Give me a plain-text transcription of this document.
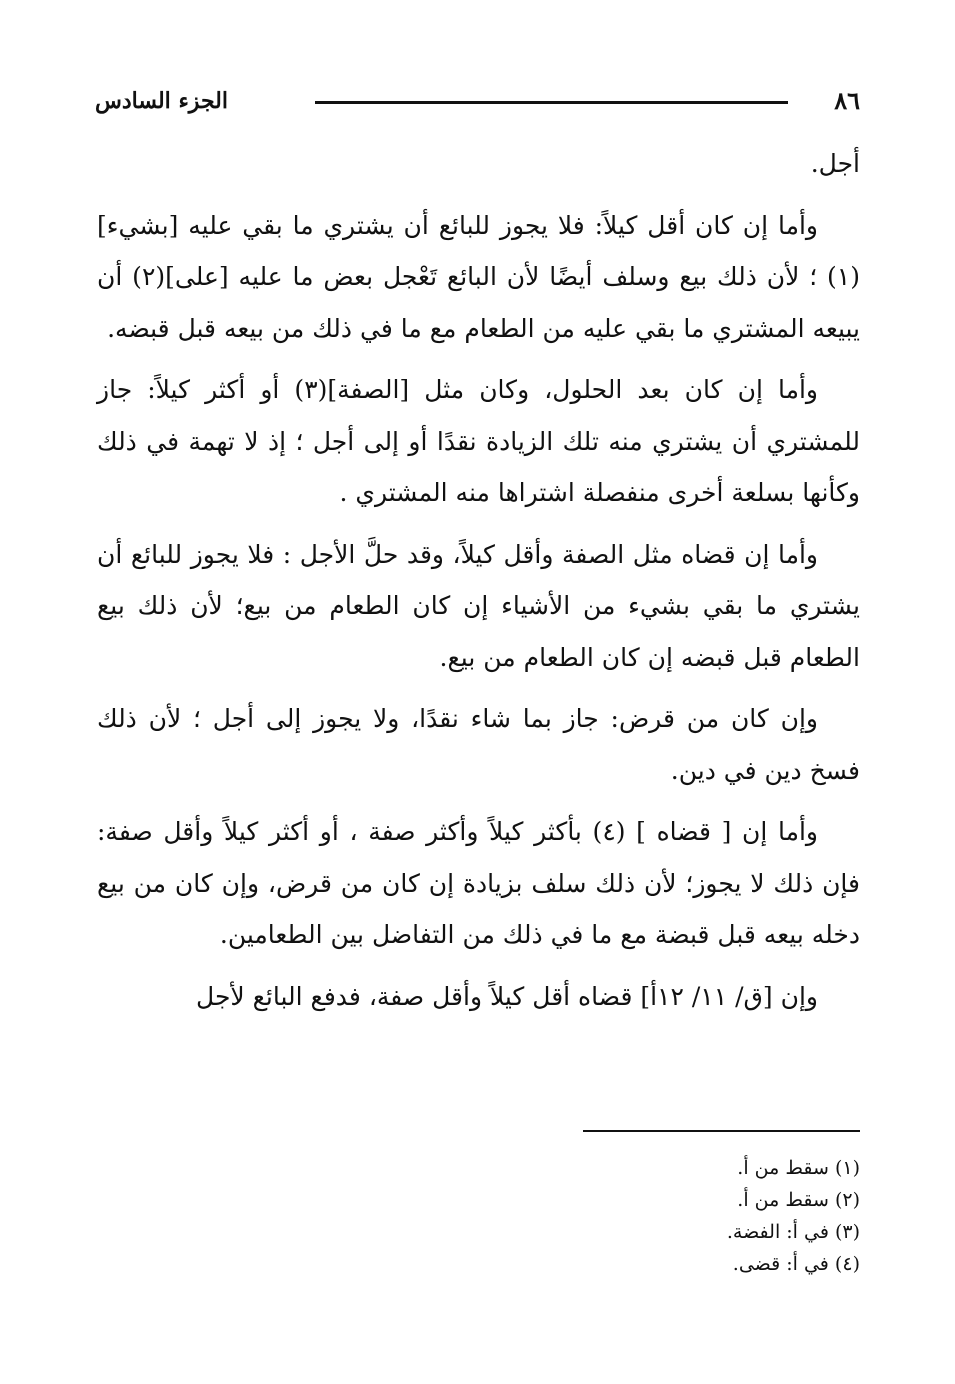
٨٦
الجزء السادس

أجل.

وأما إن كان أقل كيلاً: فلا يجوز للبائع أن يشتري ما بقي عليه [بشيء](١) ؛ لأن ذلك بيع وسلف أيضًا لأن البائع تَعْجل بعض ما عليه [على](٢) أن يبيعه المشتري ما بقي عليه من الطعام مع ما في ذلك من بيعه قبل قبضه.

وأما إن كان بعد الحلول، وكان مثل [الصفة](٣) أو أكثر كيلاً: جاز للمشتري أن يشتري منه تلك الزيادة نقدًا أو إلى أجل ؛ إذ لا تهمة في ذلك وكأنها بسلعة أخرى منفصلة اشتراها منه المشتري .

وأما إن قضاه مثل الصفة وأقل كيلاً، وقد حلَّ الأجل : فلا يجوز للبائع أن يشتري ما بقي بشيء من الأشياء إن كان الطعام من بيع؛ لأن ذلك بيع الطعام قبل قبضه إن كان الطعام من بيع.

وإن كان من قرض: جاز بما شاء نقدًا، ولا يجوز إلى أجل ؛ لأن ذلك فسخ دين في دين.

وأما إن [ قضاه ] (٤) بأكثر كيلاً وأكثر صفة ، أو أكثر كيلاً وأقل صفة: فإن ذلك لا يجوز؛ لأن ذلك سلف بزيادة إن كان من قرض، وإن كان من بيع دخله بيعه قبل قبضة مع ما في ذلك من التفاضل بين الطعامين.

وإن [ق/ ١١/ ١٢أ] قضاه أقل كيلاً وأقل صفة، فدفع البائع لأجل

(١) سقط من أ.
(٢) سقط من أ.
(٣) في أ: الفضة.
(٤) في أ: قضى.
